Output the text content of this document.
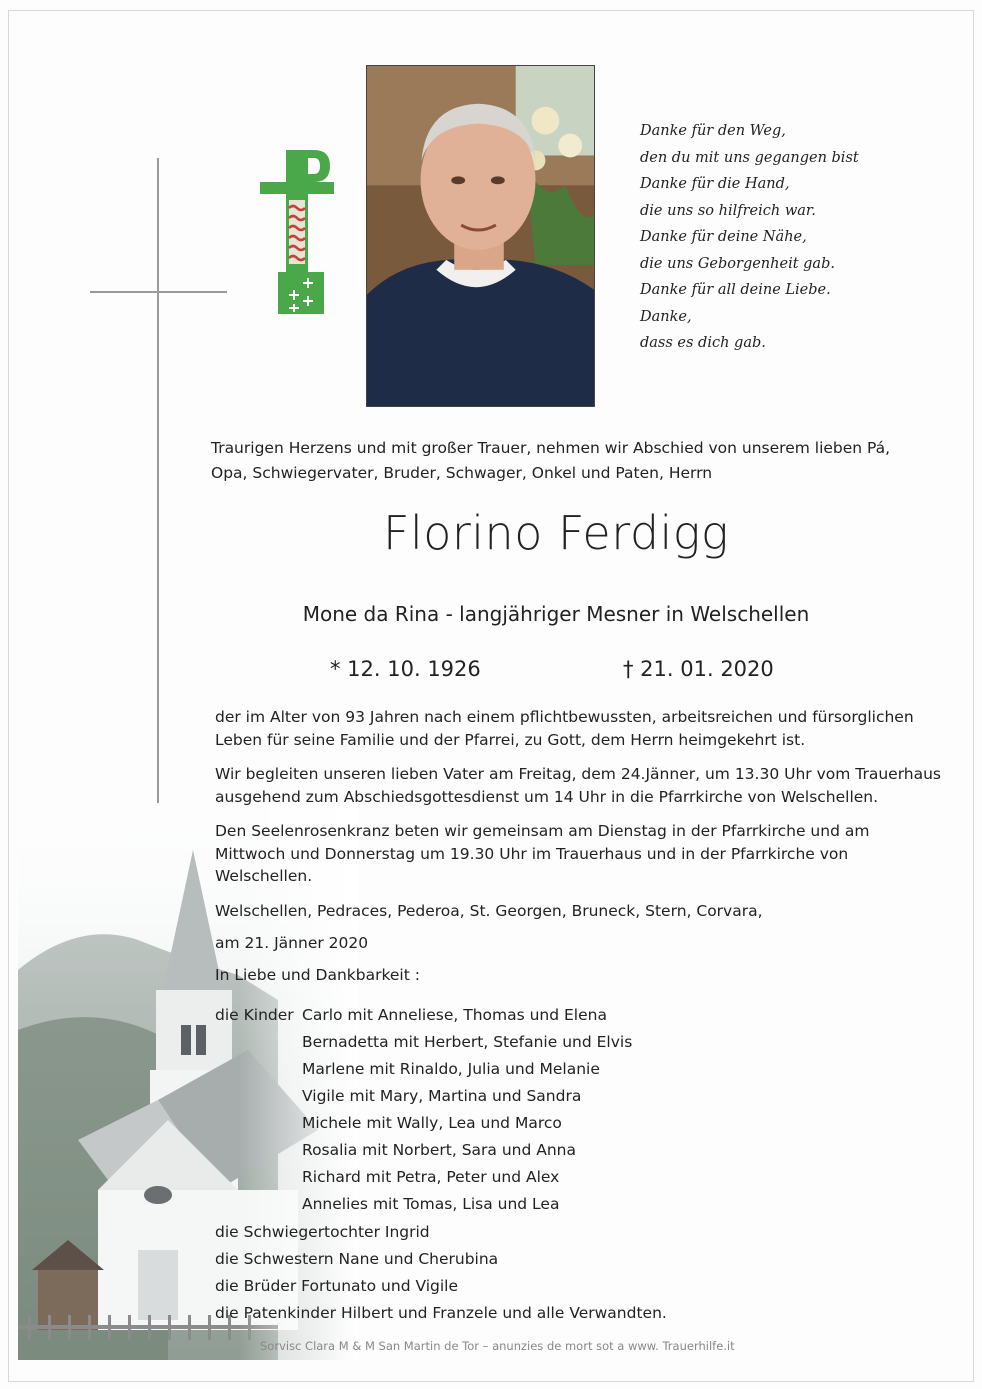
Danke für den Weg,
den du mit uns gegangen bist
Danke für die Hand,
die uns so hilfreich war.
Danke für deine Nähe,
die uns Geborgenheit gab.
Danke für all deine Liebe.
Danke,
dass es dich gab.
Traurigen Herzens und mit großer Trauer, nehmen wir Abschied von unserem lieben Pá,
Opa, Schwiegervater, Bruder, Schwager, Onkel und Paten, Herrn
Florino Ferdigg
Mone da Rina - langjähriger Mesner in Welschellen
* 12. 10. 1926	† 21. 01. 2020

der im Alter von 93 Jahren nach einem pflichtbewussten, arbeitsreichen und fürsorglichen
Leben für seine Familie und der Pfarrei, zu Gott, dem Herrn heimgekehrt ist.

Wir begleiten unseren lieben Vater am Freitag, dem 24.Jänner, um 13.30 Uhr vom Trauerhaus
ausgehend zum Abschiedsgottesdienst um 14 Uhr in die Pfarrkirche von Welschellen.

Den Seelenrosenkranz beten wir gemeinsam am Dienstag in der Pfarrkirche und am
Mittwoch und Donnerstag um 19.30 Uhr im Trauerhaus und in der Pfarrkirche von
Welschellen.

Welschellen, Pedraces, Pederoa, St. Georgen, Bruneck, Stern, Corvara,
am 21. Jänner 2020
In Liebe und Dankbarkeit :
die Kinder Carlo mit Anneliese, Thomas und Elena
Bernadetta mit Herbert, Stefanie und Elvis
Marlene mit Rinaldo, Julia und Melanie
Vigile mit Mary, Martina und Sandra
Michele mit Wally, Lea und Marco
Rosalia mit Norbert, Sara und Anna
Richard mit Petra, Peter und Alex
Annelies mit Tomas, Lisa und Lea
die Schwiegertochter Ingrid
die Schwestern Nane und Cherubina
die Brüder Fortunato und Vigile
die Patenkinder Hilbert und Franzele und alle Verwandten.
Sorvisc Clara M & M San Martin de Tor – anunzies de mort sot a www. Trauerhilfe.it
